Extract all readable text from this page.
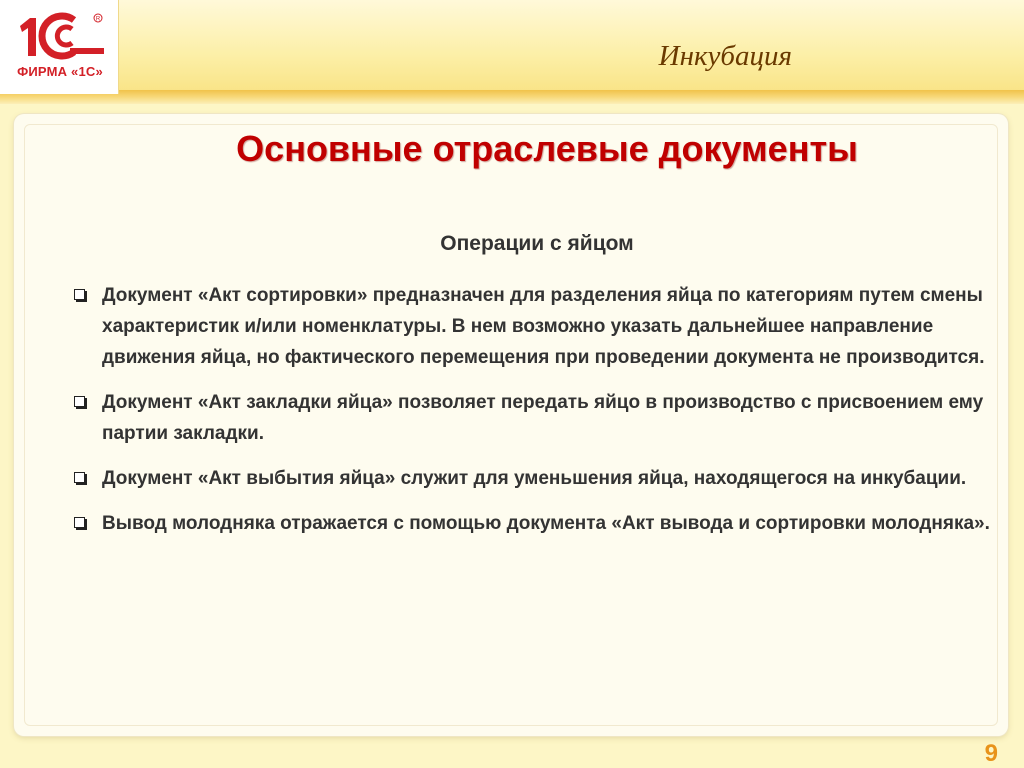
R
ФИРМА «1С»	Инкубация
Основные отраслевые документы
Операции с яйцом
Документ «Акт сортировки» предназначен для разделения яйца по категориям путем смены характеристик и/или номенклатуры. В нем возможно указать дальнейшее направление движения яйца, но фактического перемещения при проведении документа не производится.
Документ «Акт закладки яйца» позволяет передать яйцо в производство с присвоением ему партии закладки.
Документ «Акт выбытия яйца» служит для уменьшения яйца, находящегося на инкубации.
Вывод молодняка отражается с помощью документа «Акт вывода и сортировки молодняка».
9
